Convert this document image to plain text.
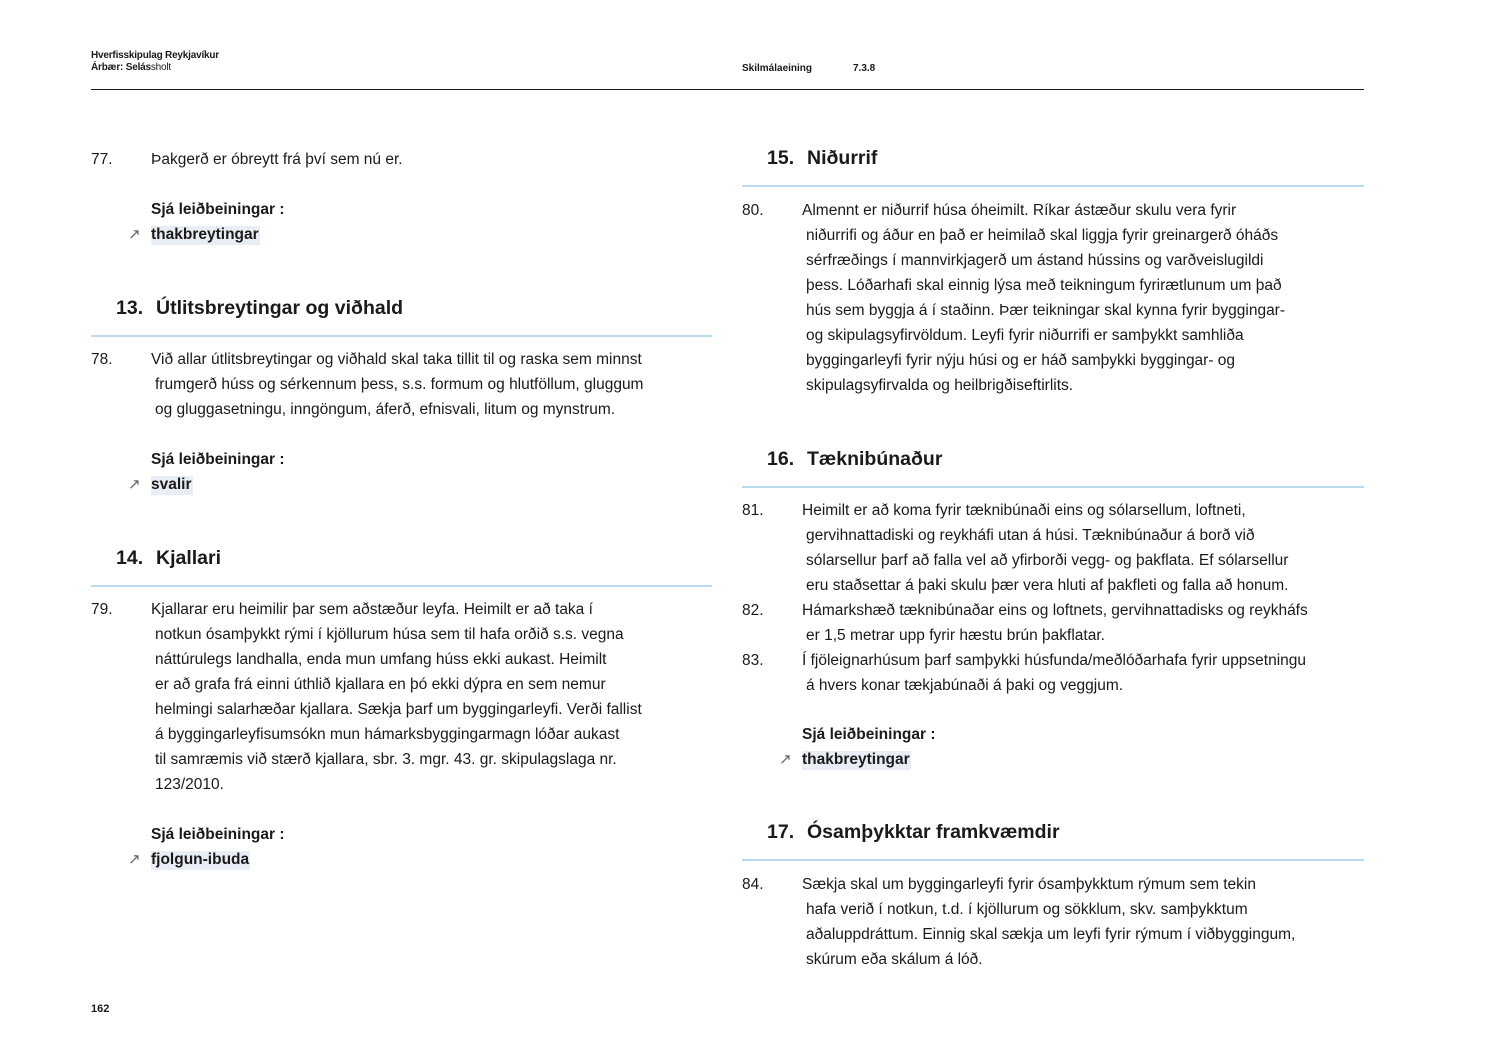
Hverfisskipulag Reykjavíkur
Árbær: Selássholt	Skilmálaeining	7.3.8
77. Þakgerð er óbreytt frá því sem nú er.
Sjá leiðbeiningar :
↗ thakbreytingar
13. Útlitsbreytingar og viðhald
78. Við allar útlitsbreytingar og viðhald skal taka tillit til og raska sem minnst
frumgerð húss og sérkennum þess, s.s. formum og hlutföllum, gluggum
og gluggasetningu, inngöngum, áferð, efnisvali, litum og mynstrum.
Sjá leiðbeiningar :
↗ svalir
14. Kjallari
79. Kjallarar eru heimilir þar sem aðstæður leyfa. Heimilt er að taka í
notkun ósamþykkt rými í kjöllurum húsa sem til hafa orðið s.s. vegna
náttúrulegs landhalla, enda mun umfang húss ekki aukast. Heimilt
er að grafa frá einni úthlið kjallara en þó ekki dýpra en sem nemur
helmingi salarhæðar kjallara. Sækja þarf um byggingarleyfi. Verði fallist
á byggingarleyfisumsókn mun hámarksbyggingarmagn lóðar aukast
til samræmis við stærð kjallara, sbr. 3. mgr. 43. gr. skipulagslaga nr.
123/2010.
Sjá leiðbeiningar :
↗ fjolgun-ibuda
15. Niðurrif
80. Almennt er niðurrif húsa óheimilt. Ríkar ástæður skulu vera fyrir
niðurrifi og áður en það er heimilað skal liggja fyrir greinargerð óháðs
sérfræðings í mannvirkjagerð um ástand hússins og varðveislugildi
þess. Lóðarhafi skal einnig lýsa með teikningum fyrirætlunum um það
hús sem byggja á í staðinn. Þær teikningar skal kynna fyrir byggingar-
og skipulagsyfirvöldum. Leyfi fyrir niðurrifi er samþykkt samhliða
byggingarleyfi fyrir nýju húsi og er háð samþykki byggingar- og
skipulagsyfirvalda og heilbrigðiseftirlits.
16. Tæknibúnaður
81. Heimilt er að koma fyrir tæknibúnaði eins og sólarsellum, loftneti,
gervihnattadiski og reykháfi utan á húsi. Tæknibúnaður á borð við
sólarsellur þarf að falla vel að yfirborði vegg- og þakflata. Ef sólarsellur
eru staðsettar á þaki skulu þær vera hluti af þakfleti og falla að honum.
82. Hámarkshæð tæknibúnaðar eins og loftnets, gervihnattadisks og reykháfs
er 1,5 metrar upp fyrir hæstu brún þakflatar.
83. Í fjöleignarhúsum þarf samþykki húsfunda/meðlóðarhafa fyrir uppsetningu
á hvers konar tækjabúnaði á þaki og veggjum.
Sjá leiðbeiningar :
↗ thakbreytingar
17. Ósamþykktar framkvæmdir
84. Sækja skal um byggingarleyfi fyrir ósamþykktum rýmum sem tekin
hafa verið í notkun, t.d. í kjöllurum og sökklum, skv. samþykktum
aðaluppdráttum. Einnig skal sækja um leyfi fyrir rýmum í viðbyggingum,
skúrum eða skálum á lóð.
162
